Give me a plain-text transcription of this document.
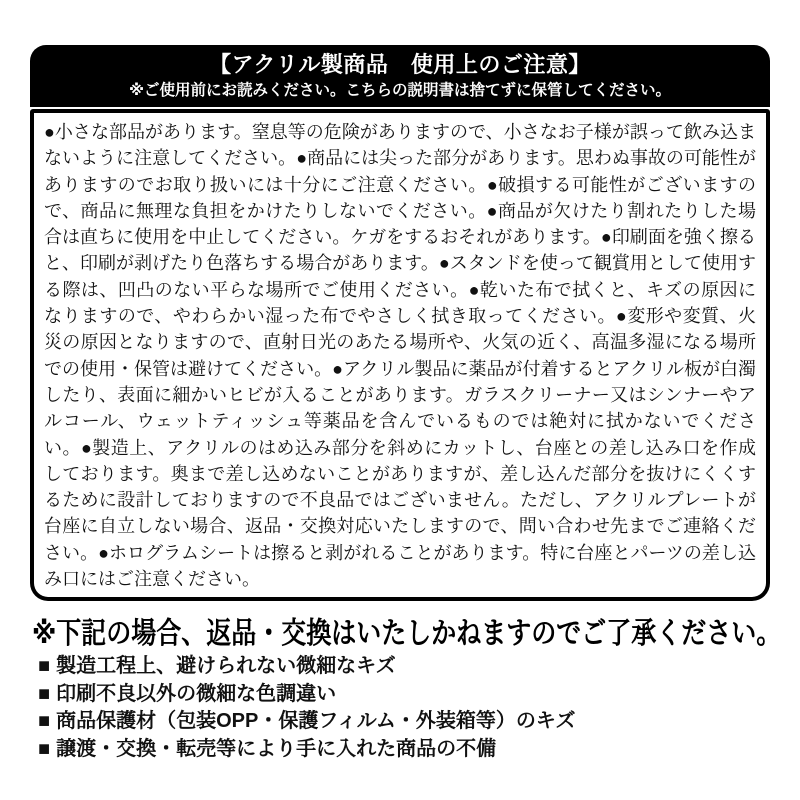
【アクリル製商品　使用上のご注意】
※ご使用前にお読みください。こちらの説明書は捨てずに保管してください。

●小さな部品があります。窒息等の危険がありますので、小さなお子様が誤って飲み込まないように注意してください。●商品には尖った部分があります。思わぬ事故の可能性がありますのでお取り扱いには十分にご注意ください。●破損する可能性がございますので、商品に無理な負担をかけたりしないでください。●商品が欠けたり割れたりした場合は直ちに使用を中止してください。ケガをするおそれがあります。●印刷面を強く擦ると、印刷が剥げたり色落ちする場合があります。●スタンドを使って観賞用として使用する際は、凹凸のない平らな場所でご使用ください。●乾いた布で拭くと、キズの原因になりますので、やわらかい湿った布でやさしく拭き取ってください。●変形や変質、火災の原因となりますので、直射日光のあたる場所や、火気の近く、高温多湿になる場所での使用・保管は避けてください。●アクリル製品に薬品が付着するとアクリル板が白濁したり、表面に細かいヒビが入ることがあります。ガラスクリーナー又はシンナーやアルコール、ウェットティッシュ等薬品を含んでいるものでは絶対に拭かないでください。●製造上、アクリルのはめ込み部分を斜めにカットし、台座との差し込み口を作成しております。奥まで差し込めないことがありますが、差し込んだ部分を抜けにくくするために設計しておりますので不良品ではございません。ただし、アクリルプレートが台座に自立しない場合、返品・交換対応いたしますので、問い合わせ先までご連絡ください。●ホログラムシートは擦ると剥がれることがあります。特に台座とパーツの差し込み口にはご注意ください。

※下記の場合、返品・交換はいたしかねますのでご了承ください。
■ 製造工程上、避けられない微細なキズ
■ 印刷不良以外の微細な色調違い
■ 商品保護材（包装OPP・保護フィルム・外装箱等）のキズ
■ 譲渡・交換・転売等により手に入れた商品の不備
